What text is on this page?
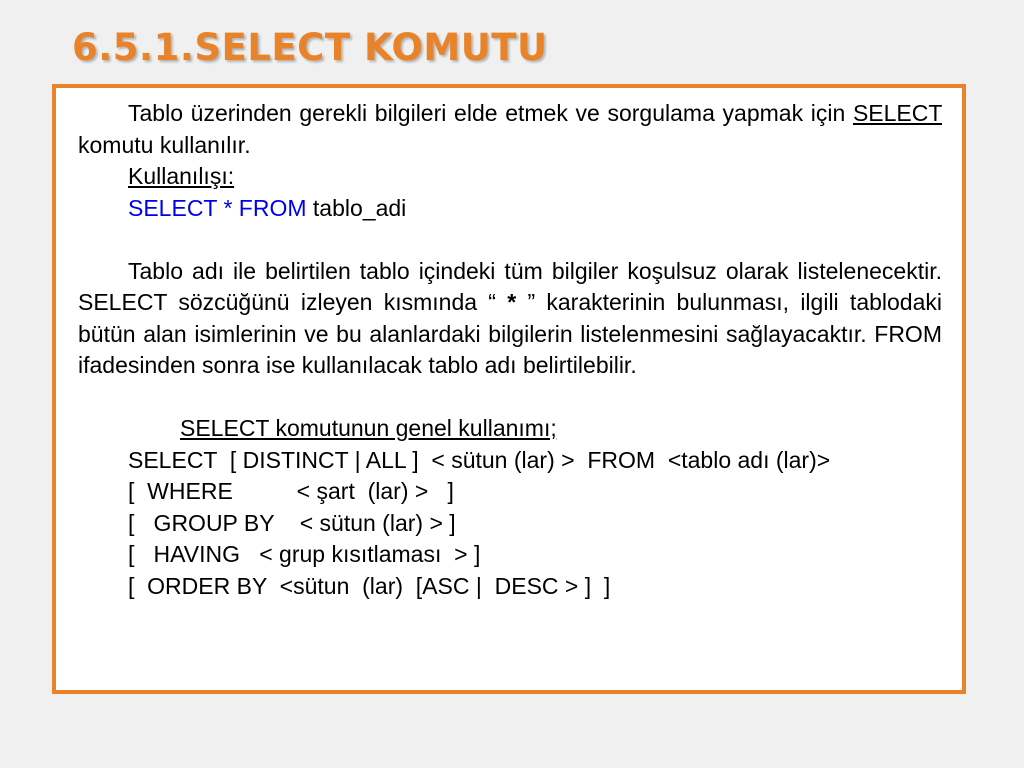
6.5.1.SELECT KOMUTU

Tablo üzerinden gerekli bilgileri elde etmek ve sorgulama yapmak için SELECT komutu kullanılır.

Kullanılışı:

SELECT * FROM tablo_adi

Tablo adı ile belirtilen tablo içindeki tüm bilgiler koşulsuz olarak listelenecektir. SELECT sözcüğünü izleyen kısmında “ * ” karakterinin bulunması, ilgili tablodaki bütün alan isimlerinin ve bu alanlardaki bilgilerin listelenmesini sağlayacaktır. FROM ifadesinden sonra ise kullanılacak tablo adı belirtilebilir.

SELECT komutunun genel kullanımı;

SELECT  [ DISTINCT | ALL ]  < sütun (lar) >  FROM  <tablo adı (lar)>

[  WHERE          < şart  (lar) >   ]

[   GROUP BY    < sütun (lar) > ]

[   HAVING   < grup kısıtlaması  > ]

[  ORDER BY  <sütun  (lar)  [ASC |  DESC > ]  ]
